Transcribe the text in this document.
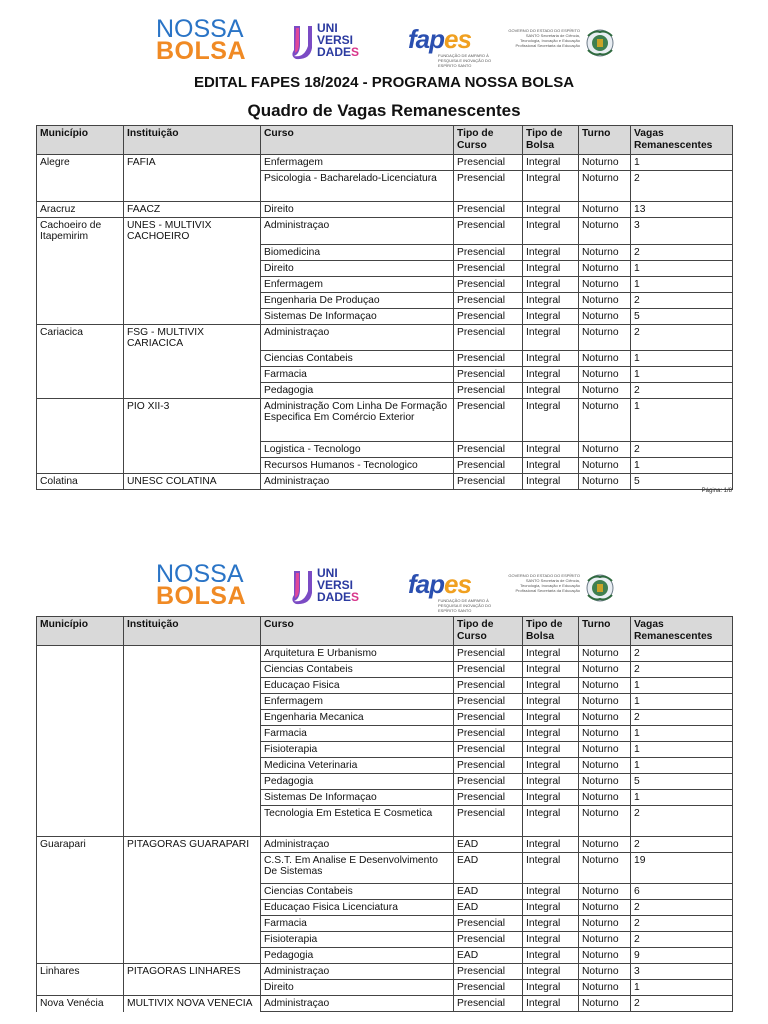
NOSSA
BOLSA
UNI
VERSI
DADES fapes
FUNDAÇÃO DE AMPARO À PESQUISA E INOVAÇÃO DO ESPÍRITO SANTO
GOVERNO DO ESTADO DO ESPÍRITO SANTO Secretaria de Ciência, Tecnologia, Inovação e Educação Profissional Secretaria da Educação
EDITAL FAPES 18/2024 - PROGRAMA NOSSA BOLSA
Quadro de Vagas Remanescentes
Município	Instituição	Curso	Tipo de Curso	Tipo de Bolsa	Turno	Vagas Remanescentes
Alegre	FAFIA	Enfermagem	Presencial	Integral	Noturno	1
		Psicologia - Bacharelado-Licenciatura	Presencial	Integral	Noturno	2
Aracruz	FAACZ	Direito	Presencial	Integral	Noturno	13
Cachoeiro de Itapemirim	UNES - MULTIVIX CACHOEIRO	Administraçao	Presencial	Integral	Noturno	3
		Biomedicina	Presencial	Integral	Noturno	2
		Direito	Presencial	Integral	Noturno	1
		Enfermagem	Presencial	Integral	Noturno	1
		Engenharia De Produçao	Presencial	Integral	Noturno	2
		Sistemas De Informaçao	Presencial	Integral	Noturno	5
Cariacica	FSG - MULTIVIX CARIACICA	Administraçao	Presencial	Integral	Noturno	2
		Ciencias Contabeis	Presencial	Integral	Noturno	1
		Farmacia	Presencial	Integral	Noturno	1
		Pedagogia	Presencial	Integral	Noturno	2
	PIO XII-3	Administração Com Linha De Formação Especifica Em Comércio Exterior	Presencial	Integral	Noturno	1
		Logistica - Tecnologo	Presencial	Integral	Noturno	2
		Recursos Humanos - Tecnologico	Presencial	Integral	Noturno	1
Colatina	UNESC COLATINA	Administraçao	Presencial	Integral	Noturno	5
Página: 1/8
NOSSA
BOLSA
UNI
VERSI
DADES fapes
FUNDAÇÃO DE AMPARO À PESQUISA E INOVAÇÃO DO ESPÍRITO SANTO
GOVERNO DO ESTADO DO ESPÍRITO SANTO Secretaria de Ciência, Tecnologia, Inovação e Educação Profissional Secretaria da Educação
Município	Instituição	Curso	Tipo de Curso	Tipo de Bolsa	Turno	Vagas Remanescentes
		Arquitetura E Urbanismo	Presencial	Integral	Noturno	2
		Ciencias Contabeis	Presencial	Integral	Noturno	2
		Educaçao Fisica	Presencial	Integral	Noturno	1
		Enfermagem	Presencial	Integral	Noturno	1
		Engenharia Mecanica	Presencial	Integral	Noturno	2
		Farmacia	Presencial	Integral	Noturno	1
		Fisioterapia	Presencial	Integral	Noturno	1
		Medicina Veterinaria	Presencial	Integral	Noturno	1
		Pedagogia	Presencial	Integral	Noturno	5
		Sistemas De Informaçao	Presencial	Integral	Noturno	1
		Tecnologia Em Estetica E Cosmetica	Presencial	Integral	Noturno	2
Guarapari	PITAGORAS GUARAPARI	Administraçao	EAD	Integral	Noturno	2
		C.S.T. Em Analise E Desenvolvimento De Sistemas	EAD	Integral	Noturno	19
		Ciencias Contabeis	EAD	Integral	Noturno	6
		Educaçao Fisica Licenciatura	EAD	Integral	Noturno	2
		Farmacia	Presencial	Integral	Noturno	2
		Fisioterapia	Presencial	Integral	Noturno	2
		Pedagogia	EAD	Integral	Noturno	9
Linhares	PITAGORAS LINHARES	Administraçao	Presencial	Integral	Noturno	3
		Direito	Presencial	Integral	Noturno	1
Nova Venécia	MULTIVIX NOVA VENECIA	Administraçao	Presencial	Integral	Noturno	2
